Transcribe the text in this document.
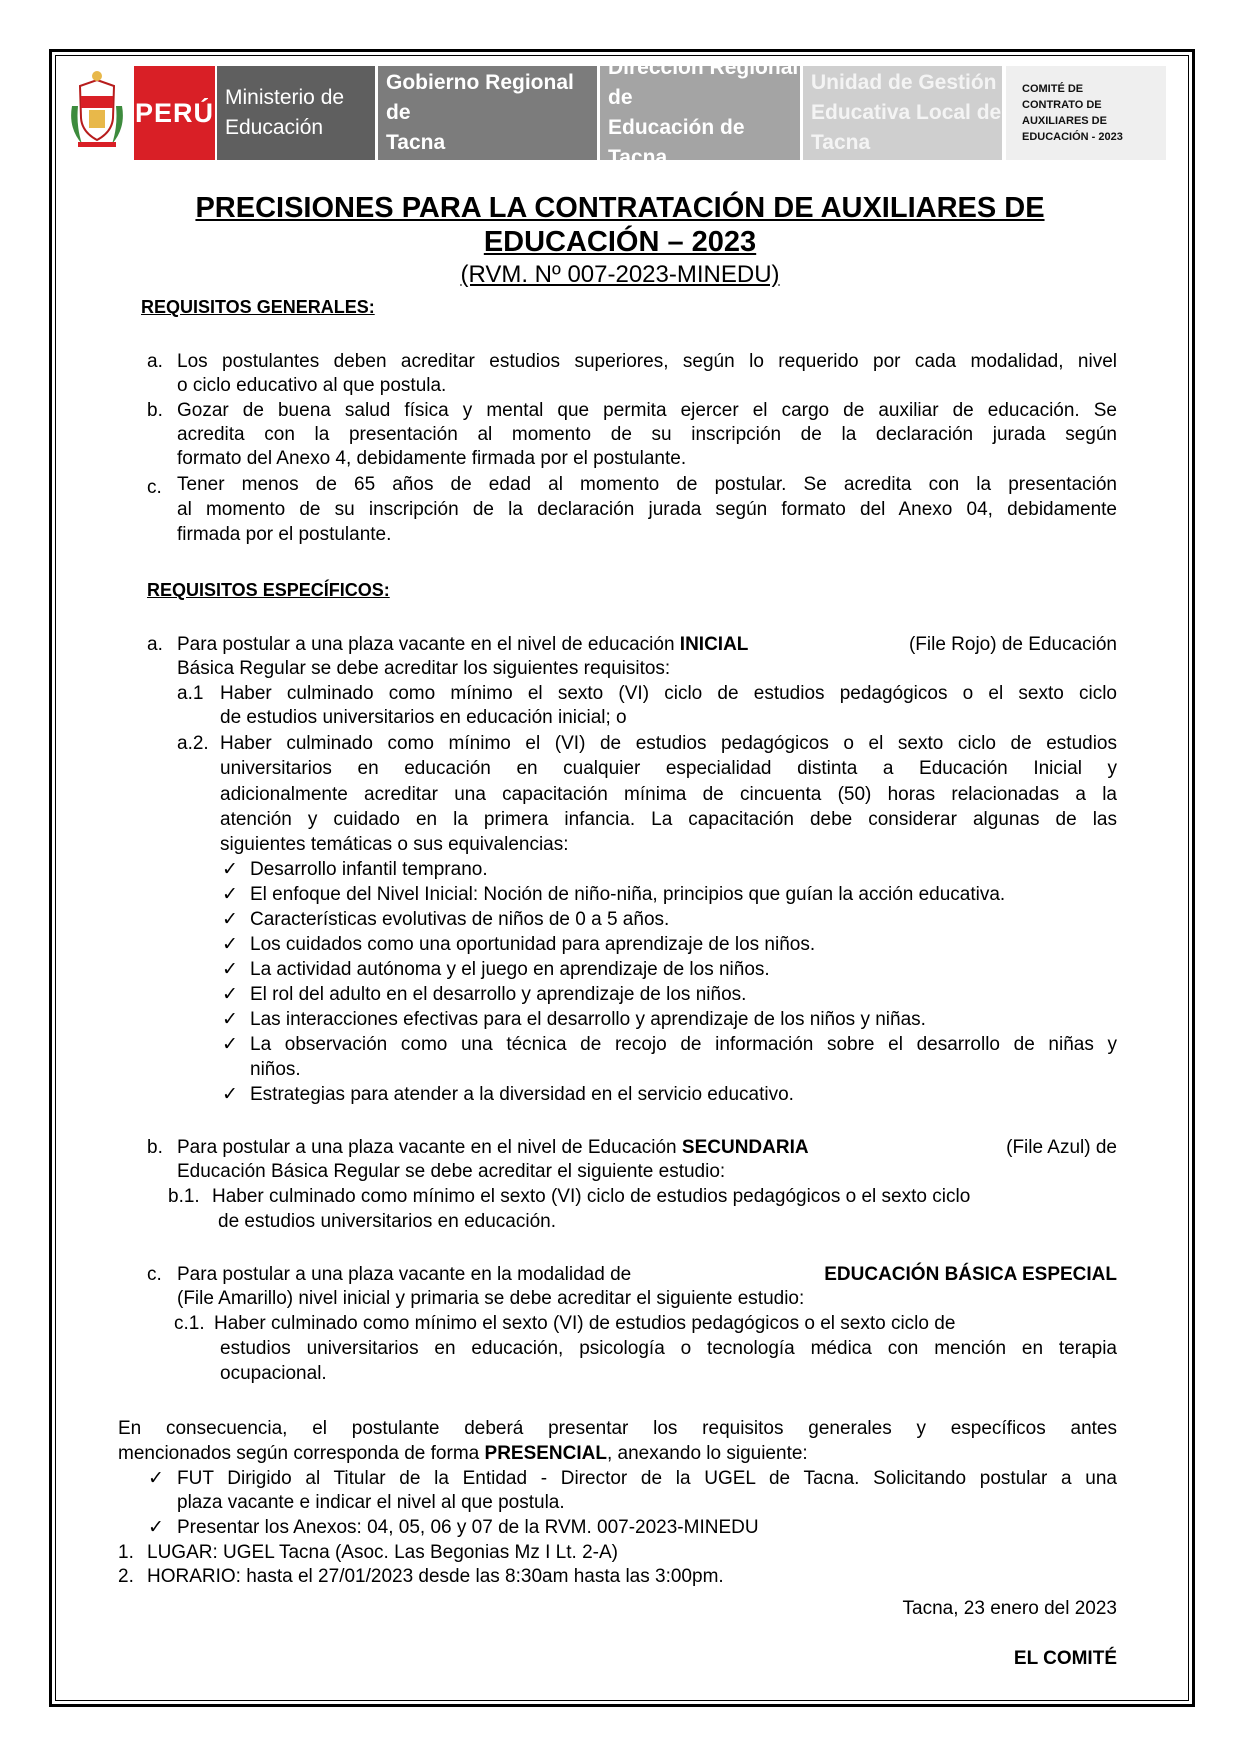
PERÚ Ministerio de
Educación
Gobierno Regional de
Tacna
Direccion Regional de
Educación de Tacna
Unidad de Gestión
Educativa Local de Tacna
COMITÉ DE
CONTRATO DE
AUXILIARES DE
EDUCACIÓN - 2023
PRECISIONES PARA LA CONTRATACIÓN DE AUXILIARES DE
EDUCACIÓN – 2023
(RVM. Nº 007-2023-MINEDU)
REQUISITOS GENERALES:
a. Los postulantes deben acreditar estudios superiores, según lo requerido por cada modalidad, nivel
o ciclo educativo al que postula.
b. Gozar de buena salud física y mental que permita ejercer el cargo de auxiliar de educación. Se
acredita con la presentación al momento de su inscripción de la declaración jurada según
formato del Anexo 4, debidamente firmada por el postulante.
c. Tener menos de 65 años de edad al momento de postular. Se acredita con la presentación
al momento de su inscripción de la declaración jurada según formato del Anexo 04, debidamente
firmada por el postulante.
REQUISITOS ESPECÍFICOS:
a. Para postular a una plaza vacante en el nivel de educación INICIAL	(File Rojo) de Educación
Básica Regular se debe acreditar los siguientes requisitos:
a.1 Haber culminado como mínimo el sexto (VI) ciclo de estudios pedagógicos o el sexto ciclo
de estudios universitarios en educación inicial; o
a.2. Haber culminado como mínimo el (VI) de estudios pedagógicos o el sexto ciclo de estudios
universitarios en educación en cualquier especialidad distinta a Educación Inicial y
adicionalmente acreditar una capacitación mínima de cincuenta (50) horas relacionadas a la
atención y cuidado en la primera infancia. La capacitación debe considerar algunas de las
siguientes temáticas o sus equivalencias:
✓ Desarrollo infantil temprano.
✓ El enfoque del Nivel Inicial: Noción de niño-niña, principios que guían la acción educativa.
✓ Características evolutivas de niños de 0 a 5 años.
✓ Los cuidados como una oportunidad para aprendizaje de los niños.
✓ La actividad autónoma y el juego en aprendizaje de los niños.
✓ El rol del adulto en el desarrollo y aprendizaje de los niños.
✓ Las interacciones efectivas para el desarrollo y aprendizaje de los niños y niñas.
✓ La observación como una técnica de recojo de información sobre el desarrollo de niñas y
niños.
✓ Estrategias para atender a la diversidad en el servicio educativo.
b. Para postular a una plaza vacante en el nivel de Educación SECUNDARIA	(File Azul) de
Educación Básica Regular se debe acreditar el siguiente estudio:
b.1. Haber culminado como mínimo el sexto (VI) ciclo de estudios pedagógicos o el sexto ciclo
de estudios universitarios en educación.
c. Para postular a una plaza vacante en la modalidad de	EDUCACIÓN BÁSICA ESPECIAL
(File Amarillo) nivel inicial y primaria se debe acreditar el siguiente estudio:
c.1. Haber culminado como mínimo el sexto (VI) de estudios pedagógicos o el sexto ciclo de
estudios universitarios en educación, psicología o tecnología médica con mención en terapia
ocupacional.
En consecuencia, el postulante deberá presentar los requisitos generales y específicos antes
mencionados según corresponda de forma PRESENCIAL, anexando lo siguiente:
✓ FUT Dirigido al Titular de la Entidad - Director de la UGEL de Tacna. Solicitando postular a una
plaza vacante e indicar el nivel al que postula.
✓ Presentar los Anexos: 04, 05, 06 y 07 de la RVM. 007-2023-MINEDU
1. LUGAR: UGEL Tacna (Asoc. Las Begonias Mz I Lt. 2-A)
2. HORARIO: hasta el 27/01/2023 desde las 8:30am hasta las 3:00pm.
Tacna, 23 enero del 2023
EL COMITÉ
